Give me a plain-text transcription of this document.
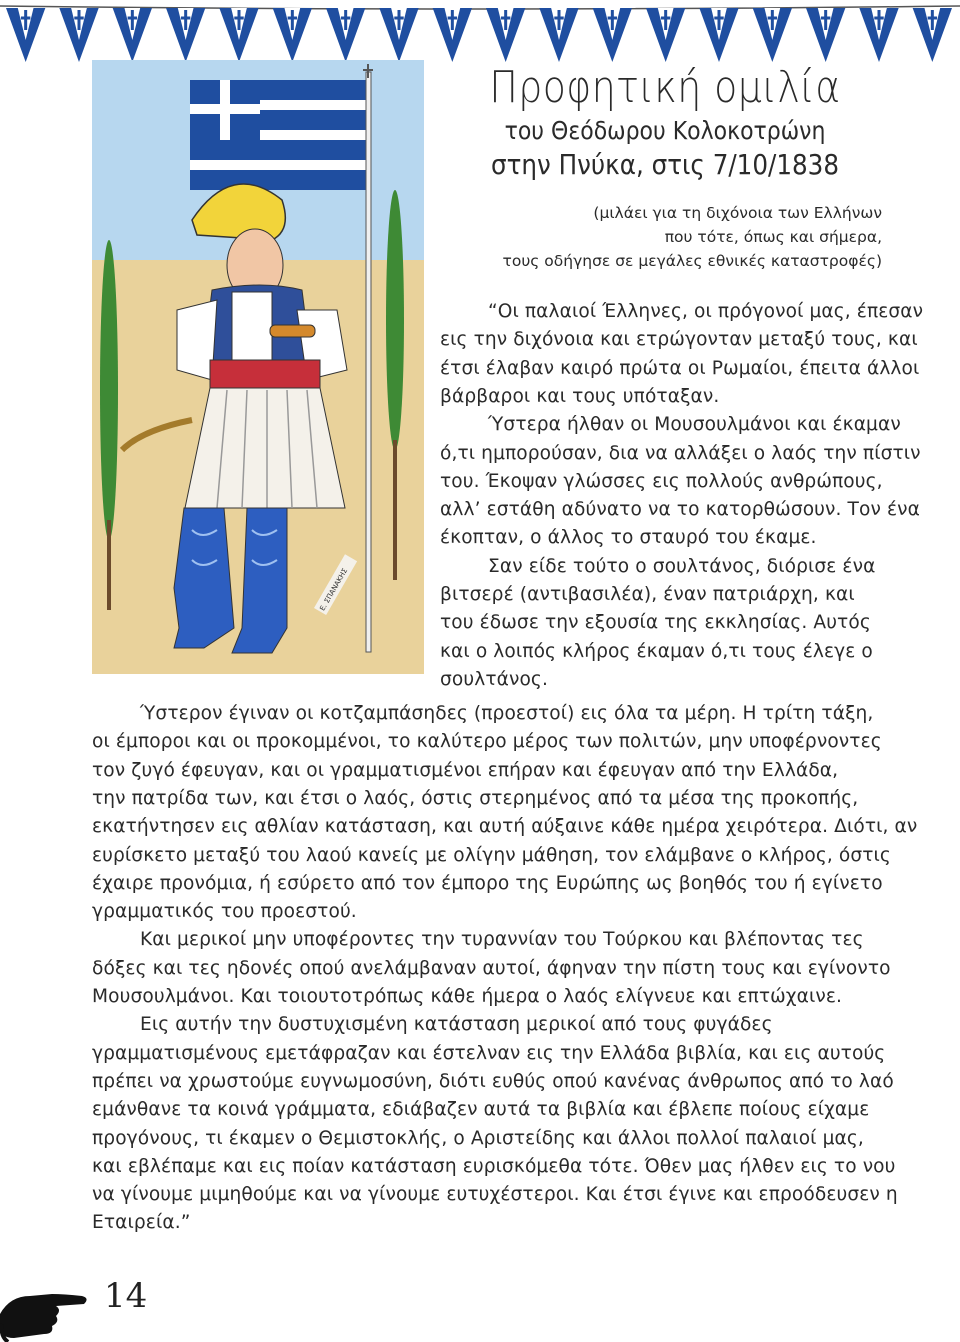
Ε. ΣΠΑΝΑΚΗΣ
Προφητική ομιλία

του Θεόδωρου Κολοκοτρώνη

στην Πνύκα, στις 7/10/1838

(μιλάει για τη διχόνοια των Ελλήνων
που τότε, όπως και σήμερα,
τους οδήγησε σε μεγάλες εθνικές καταστροφές)

“Οι παλαιοί Έλληνες, οι πρόγονοί μας, έπεσαν

εις την διχόνοια και ετρώγονταν μεταξύ τους, και

έτσι έλαβαν καιρό πρώτα οι Ρωμαίοι, έπειτα άλλοι

βάρβαροι και τους υπόταξαν.

Ύστερα ήλθαν οι Μουσουλμάνοι και έκαμαν

ό,τι ημπορούσαν, δια να αλλάξει ο λαός την πίστιν

του. Έκοψαν γλώσσες εις πολλούς ανθρώπους,

αλλ’ εστάθη αδύνατο να το κατορθώσουν. Τον ένα

έκοπταν, ο άλλος το σταυρό του έκαμε.

Σαν είδε τούτο ο σουλτάνος, διόρισε ένα

βιτσερέ (αντιβασιλέα), έναν πατριάρχη, και

του έδωσε την εξουσία της εκκλησίας. Αυτός

και ο λοιπός κλήρος έκαμαν ό,τι τους έλεγε ο

σουλτάνος.

Ύστερον έγιναν οι κοτζαμπάσηδες (προεστοί) εις όλα τα μέρη. Η τρίτη τάξη,

οι έμποροι και οι προκομμένοι, το καλύτερο μέρος των πολιτών, μην υποφέρνοντες

τον ζυγό έφευγαν, και οι γραμματισμένοι επήραν και έφευγαν από την Ελλάδα,

την πατρίδα των, και έτσι ο λαός, όστις στερημένος από τα μέσα της προκοπής,

εκατήντησεν εις αθλίαν κατάσταση, και αυτή αύξαινε κάθε ημέρα χειρότερα. Διότι, αν

ευρίσκετο μεταξύ του λαού κανείς με ολίγην μάθηση, τον ελάμβανε ο κλήρος, όστις

έχαιρε προνόμια, ή εσύρετο από τον έμπορο της Ευρώπης ως βοηθός του ή εγίνετο

γραμματικός του προεστού.

Και μερικοί μην υποφέροντες την τυραννίαν του Τούρκου και βλέποντας τες

δόξες και τες ηδονές οπού ανελάμβαναν αυτοί, άφηναν την πίστη τους και εγίνοντο

Μουσουλμάνοι. Και τοιουτοτρόπως κάθε ήμερα ο λαός ελίγνευε και επτώχαινε.

Εις αυτήν την δυστυχισμένη κατάσταση μερικοί από τους φυγάδες

γραμματισμένους εμετάφραζαν και έστελναν εις την Ελλάδα βιβλία, και εις αυτούς

πρέπει να χρωστούμε ευγνωμοσύνη, διότι ευθύς οπού κανένας άνθρωπος από το λαό

εμάνθανε τα κοινά γράμματα, εδιάβαζεν αυτά τα βιβλία και έβλεπε ποίους είχαμε

προγόνους, τι έκαμεν ο Θεμιστοκλής, ο Αριστείδης και άλλοι πολλοί παλαιοί μας,

και εβλέπαμε και εις ποίαν κατάσταση ευρισκόμεθα τότε. Όθεν μας ήλθεν εις το νου

να γίνουμε μιμηθούμε και να γίνουμε ευτυχέστεροι. Και έτσι έγινε και επροόδευσεν η

Εταιρεία.”

14
